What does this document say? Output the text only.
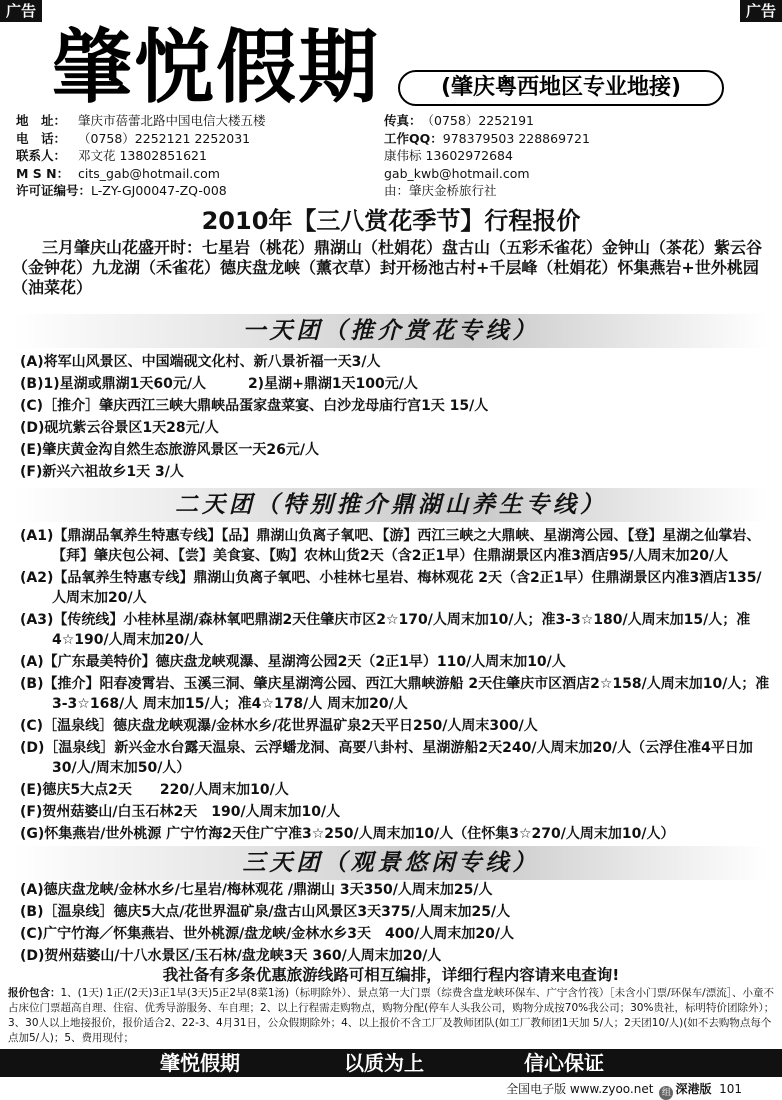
广告	广告
肇悦假期	(肇庆粤西地区专业地接)
地　址： 肇庆市蓓蕾北路中国电信大楼五楼
电　话： （0758）2252121 2252031
联系人： 邓文花 13802851621
M S N： cits_gab@hotmail.com
许可证编号：L-ZY-GJ00047-ZQ-008
传真：（0758）2252191
工作QQ：978379503 228869721
康伟标 13602972684
gab_kwb@hotmail.com
由：肇庆金桥旅行社
2010年【三八赏花季节】行程报价
三月肇庆山花盛开时：七星岩（桃花）鼎湖山（杜娟花）盘古山（五彩禾雀花）金钟山（茶花）紫云谷（金钟花）九龙湖（禾雀花）德庆盘龙峡（薰衣草）封开杨池古村+千层峰（杜娟花）怀集燕岩+世外桃园（油菜花）
一天团（推介赏花专线）
(A)将军山风景区、中国端砚文化村、新八景祈福一天3/人
(B)1)星湖或鼎湖1天60元/人　　　2)星湖+鼎湖1天100元/人
(C)［推介］肇庆西江三峡大鼎峡品蛋家盘菜宴、白沙龙母庙行宫1天 15/人
(D)砚坑紫云谷景区1天28元/人
(E)肇庆黄金沟自然生态旅游风景区一天26元/人
(F)新兴六祖故乡1天 3/人
二天团（特别推介鼎湖山养生专线）
(A1)【鼎湖品氧养生特惠专线】【品】鼎湖山负离子氧吧、【游】西江三峡之大鼎峡、星湖湾公园、【登】星湖之仙掌岩、【拜】肇庆包公祠、【尝】美食宴、【购】农林山货2天（含2正1早）住鼎湖景区内准3酒店95/人周末加20/人
(A2)【品氧养生特惠专线】鼎湖山负离子氧吧、小桂林七星岩、梅林观花 2天（含2正1早）住鼎湖景区内准3酒店135/人周末加20/人
(A3)【传统线】小桂林星湖/森林氧吧鼎湖2天住肇庆市区2☆170/人周末加10/人；准3-3☆180/人周末加15/人；准4☆190/人周末加20/人
(A)【广东最美特价】德庆盘龙峡观瀑、星湖湾公园2天（2正1早）110/人周末加10/人
(B)【推介】阳春凌霄岩、玉溪三洞、肇庆星湖湾公园、西江大鼎峡游船 2天住肇庆市区酒店2☆158/人周末加10/人；准3-3☆168/人 周末加15/人；准4☆178/人 周末加20/人
(C)［温泉线］德庆盘龙峡观瀑/金林水乡/花世界温矿泉2天平日250/人周末300/人
(D)［温泉线］新兴金水台露天温泉、云浮蟠龙洞、高要八卦村、星湖游船2天240/人周末加20/人（云浮住准4平日加30/人/周末加50/人）
(E)德庆5大点2天　　220/人周末加10/人
(F)贺州菇婆山/白玉石林2天　190/人周末加10/人
(G)怀集燕岩/世外桃源 广宁竹海2天住广宁准3☆250/人周末加10/人（住怀集3☆270/人周末加10/人）
三天团（观景悠闲专线）
(A)德庆盘龙峡/金林水乡/七星岩/梅林观花 /鼎湖山 3天350/人周末加25/人
(B)［温泉线］德庆5大点/花世界温矿泉/盘古山风景区3天375/人周末加25/人
(C)广宁竹海／怀集燕岩、世外桃源/盘龙峡/金林水乡3天　400/人周末加20/人
(D)贺州菇婆山/十八水景区/玉石林/盘龙峡3天 360/人周末加20/人
我社备有多条优惠旅游线路可相互编排，详细行程内容请来电查询!
报价包含：1、(1天) 1正/(2天)3正1早(3天)5正2早(8菜1汤)（标明除外）、景点第一大门票（综费含盘龙峡环保车、广宁含竹筏）［未含小门票/环保车/漂流］、小童不占床位门票超高自理、住宿、优秀导游服务、车自理；2、以上行程需走购物点，购物分配(停车人头我公司，购物分成按70%我公司；30%贵社，标明特价团除外）；3、30人以上地接报价，报价适合2、22-3、4月31日，公众假期除外；4、以上报价不含工厂及教师团队(如工厂教师团1天加 5/人；2天团10/人)(如不去购物点每个点加5/人)；5、费用现付；
肇悦假期	以质为上	信心保证
全国电子版 www.zyoo.net 组 深港版 101
